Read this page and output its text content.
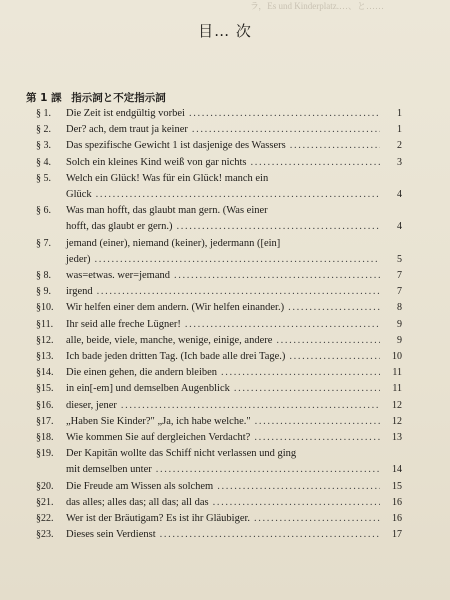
ラ，Es und Kinderplatz.…、と……
目… 次
第 1 課 指示詞と不定指示詞
§ 1.	Die Zeit ist endgültig vorbei . . .	1
§ 2.	Der? ach, dem traut ja keiner . . .	1
§ 3.	Das spezifische Gewicht 1 ist dasjenige des Wassers . . .	2
§ 4.	Solch ein kleines Kind weiß von gar nichts . . .	3
§ 5.	Welch ein Glück! Was für ein Glück! manch ein
Glück . . .	4
§ 6.	Was man hofft, das glaubt man gern. (Was einer
hofft, das glaubt er gern.) . . .	4
§ 7.	jemand (einer), niemand (keiner), jedermann ([ein]
jeder) . . .	5
§ 8.	was=etwas. wer=jemand . . .	7
§ 9.	irgend . . .	7
§10.	Wir helfen einer dem andern. (Wir helfen einander.) . . .	8
§11.	Ihr seid alle freche Lügner! . . .	9
§12.	alle, beide, viele, manche, wenige, einige, andere . . .	9
§13.	Ich bade jeden dritten Tag. (Ich bade alle drei Tage.) . . .	10
§14.	Die einen gehen, die andern bleiben . . .	11
§15.	in ein[-em] und demselben Augenblick . . .	11
§16.	dieser, jener . . .	12
§17.	„Haben Sie Kinder?" „Ja, ich habe welche." . . .	12
§18.	Wie kommen Sie auf dergleichen Verdacht? . . .	13
§19.	Der Kapitän wollte das Schiff nicht verlassen und ging
mit demselben unter . . .	14
§20.	Die Freude am Wissen als solchem . . .	15
§21.	das alles; alles das; all das; all das . . .	16
§22.	Wer ist der Bräutigam? Es ist ihr Gläubiger. . . .	16
§23.	Dieses sein Verdienst . . .	17
